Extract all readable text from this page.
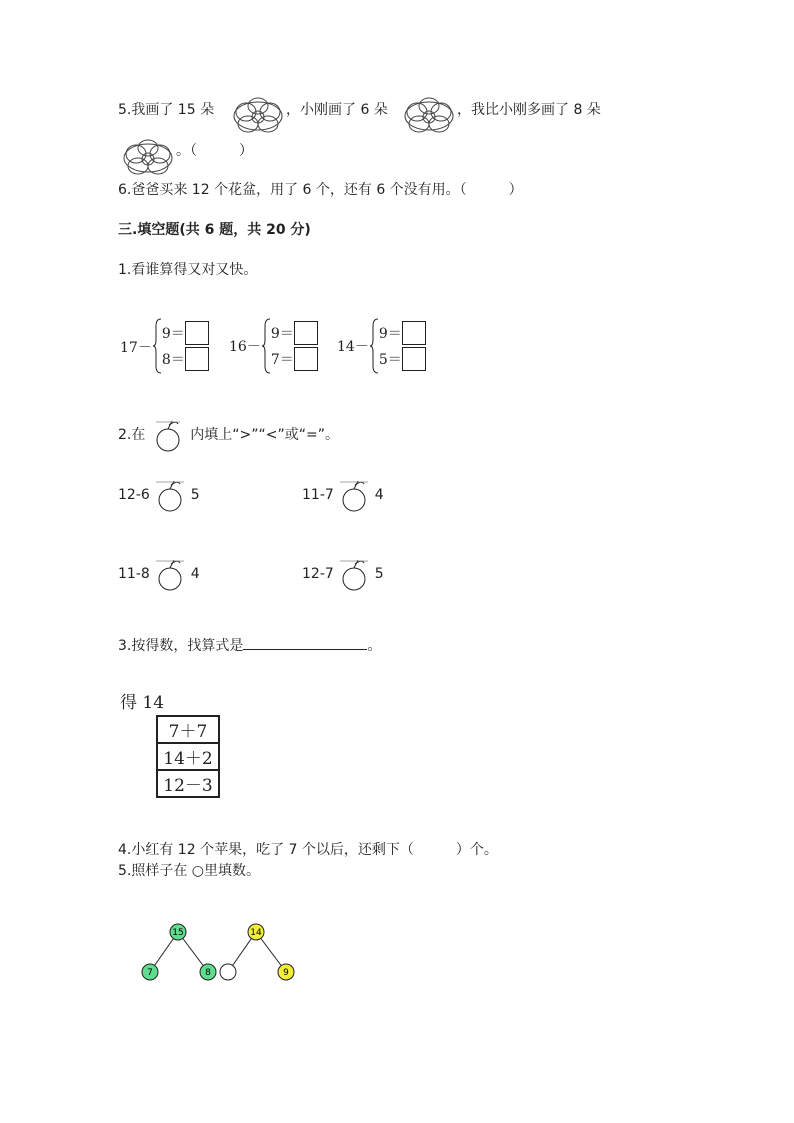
5.我画了 15 朵	，小刚画了 6 朵	，我比小刚多画了 8 朵
。（　　　）
6.爸爸买来 12 个花盆，用了 6 个，还有 6 个没有用。（　　　）
三.填空题(共 6 题，共 20 分)
1.看谁算得又对又快。
17－
9＝
8＝
16－
9＝
7＝
14－
9＝
5＝
2.在	内填上“>”“<”或“=”。
12-6	5	11-7	4
11-8	4	12-7	5
3.按得数，找算式是	。
得 14
7＋7
14＋2
12－3
4.小红有 12 个苹果，吃了 7 个以后，还剩下（　　　）个。
5.照样子在 ○里填数。
15
7	8
14
9
